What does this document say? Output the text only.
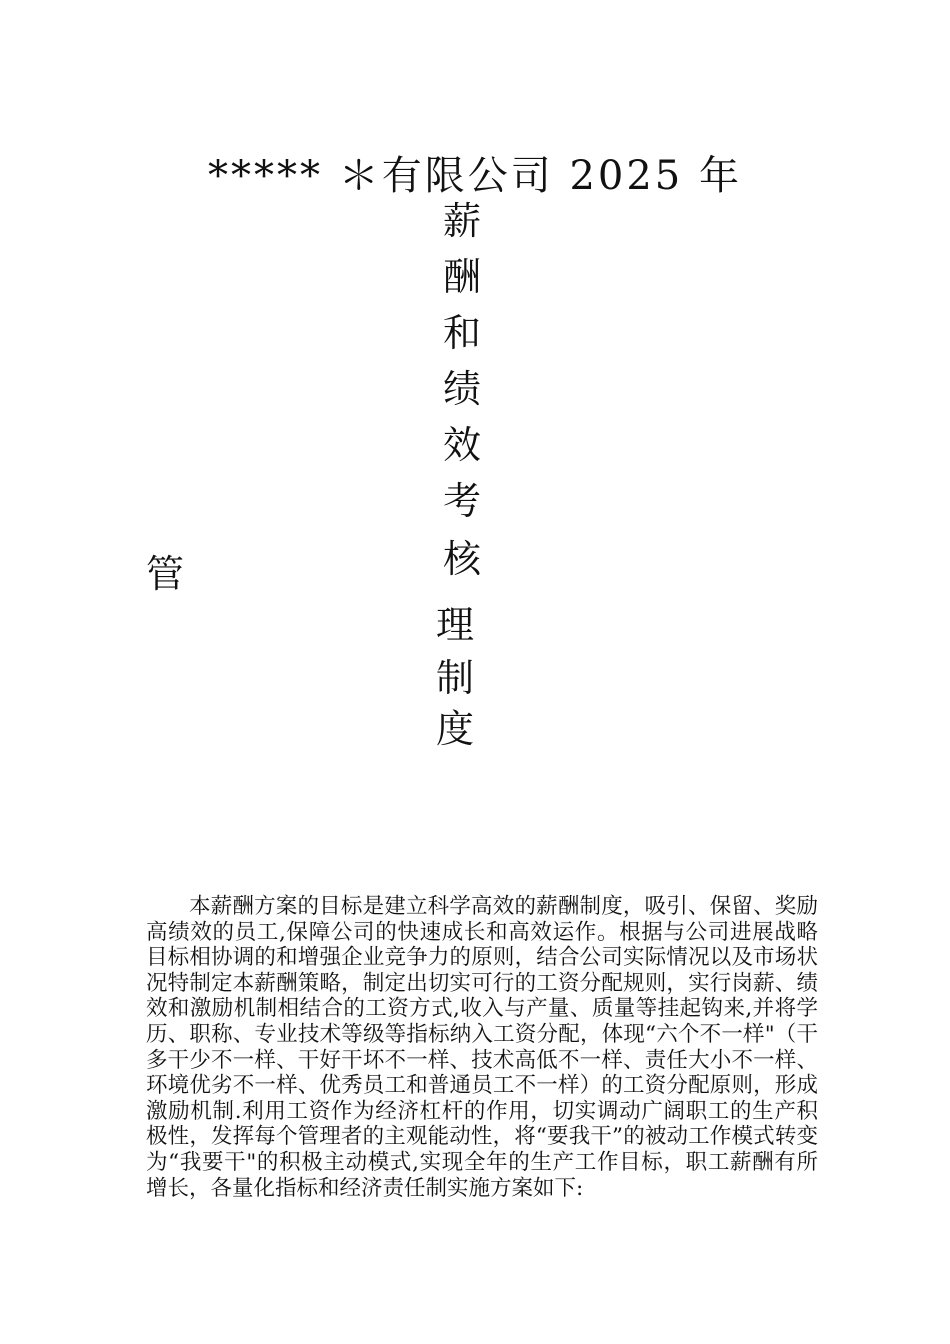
***** ＊有限公司 2025 年
薪
酬
和
绩
效
考
核
管
理
制
度

本薪酬方案的目标是建立科学高效的薪酬制度，吸引、保留、奖励高绩效的员工,保障公司的快速成长和高效运作。根据与公司进展战略目标相协调的和增强企业竞争力的原则，结合公司实际情况以及市场状况特制定本薪酬策略，制定出切实可行的工资分配规则，实行岗薪、绩效和激励机制相结合的工资方式,收入与产量、质量等挂起钩来,并将学历、职称、专业技术等级等指标纳入工资分配，体现“六个不一样"（干多干少不一样、干好干坏不一样、技术高低不一样、责任大小不一样、环境优劣不一样、优秀员工和普通员工不一样）的工资分配原则，形成激励机制.利用工资作为经济杠杆的作用，切实调动广阔职工的生产积极性，发挥每个管理者的主观能动性，将“要我干”的被动工作模式转变为“我要干"的积极主动模式,实现全年的生产工作目标，职工薪酬有所增长，各量化指标和经济责任制实施方案如下:
